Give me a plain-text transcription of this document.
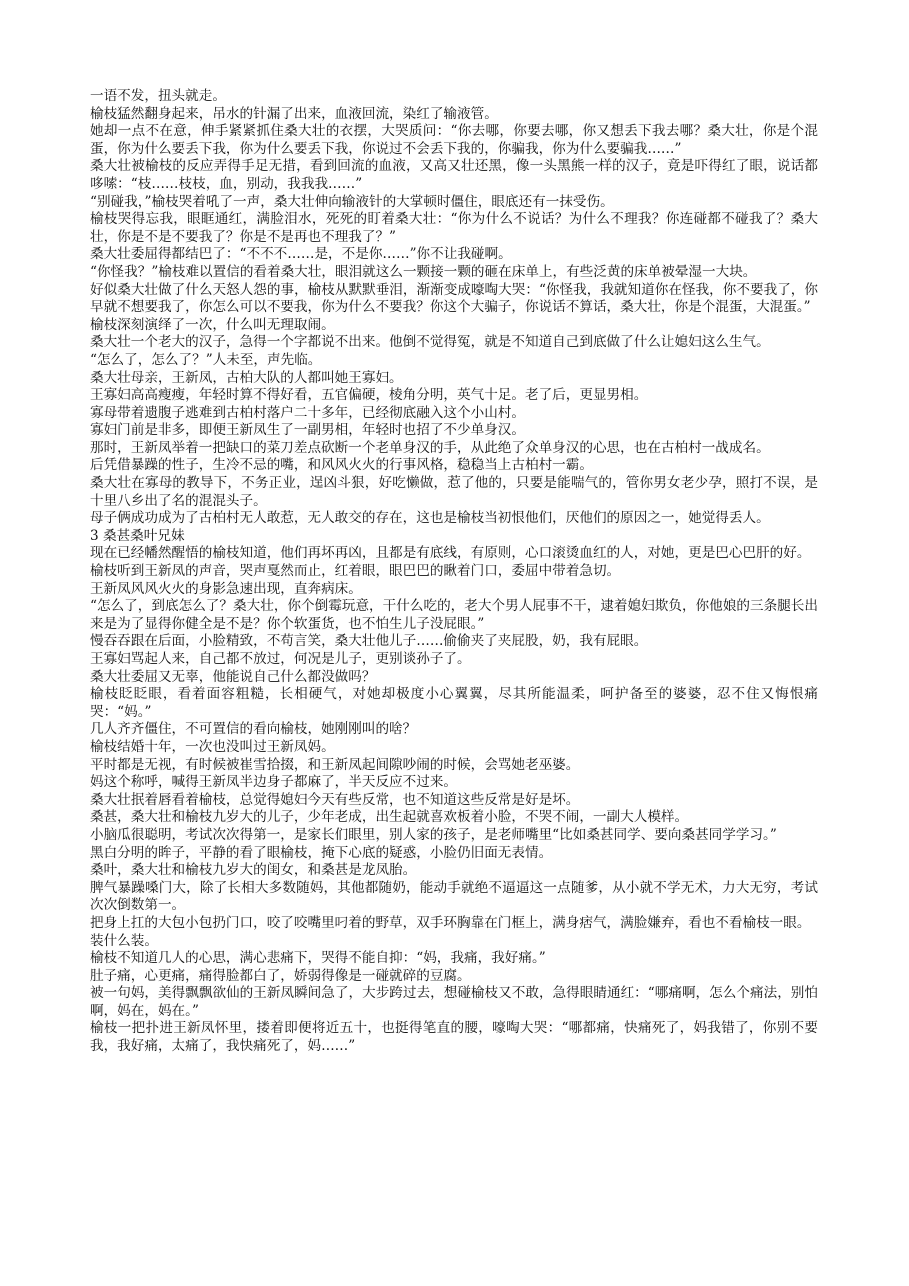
一语不发，扭头就走。

榆枝猛然翻身起来，吊水的针漏了出来，血液回流，染红了输液管。

她却一点不在意，伸手紧紧抓住桑大壮的衣摆，大哭质问：“你去哪，你要去哪，你又想丢下我去哪？桑大壮，你是个混蛋，你为什么要丢下我，你为什么要丢下我，你说过不会丢下我的，你骗我，你为什么要骗我……”

桑大壮被榆枝的反应弄得手足无措，看到回流的血液，又高又壮还黑，像一头黑熊一样的汉子，竟是吓得红了眼，说话都哆嗦：“枝……枝枝，血，别动，我我我……”

“别碰我，”榆枝哭着吼了一声，桑大壮伸向输液针的大掌顿时僵住，眼底还有一抹受伤。

榆枝哭得忘我，眼眶通红，满脸泪水，死死的盯着桑大壮：“你为什么不说话？为什么不理我？你连碰都不碰我了？桑大壮，你是不是不要我了？你是不是再也不理我了？”

桑大壮委屈得都结巴了：“不不不……是，不是你……”你不让我碰啊。

“你怪我？”榆枝难以置信的看着桑大壮，眼泪就这么一颗接一颗的砸在床单上，有些泛黄的床单被晕湿一大块。

好似桑大壮做了什么天怒人怨的事，榆枝从默默垂泪，渐渐变成嚎啕大哭：“你怪我，我就知道你在怪我，你不要我了，你早就不想要我了，你怎么可以不要我，你为什么不要我？你这个大骗子，你说话不算话，桑大壮，你是个混蛋，大混蛋。”

榆枝深刻演绎了一次，什么叫无理取闹。

桑大壮一个老大的汉子，急得一个字都说不出来。他倒不觉得冤，就是不知道自己到底做了什么让媳妇这么生气。

“怎么了，怎么了？”人未至，声先临。

桑大壮母亲，王新凤，古柏大队的人都叫她王寡妇。

王寡妇高高瘦瘦，年轻时算不得好看，五官偏硬，棱角分明，英气十足。老了后，更显男相。

寡母带着遗腹子逃难到古柏村落户二十多年，已经彻底融入这个小山村。

寡妇门前是非多，即便王新凤生了一副男相，年轻时也招了不少单身汉。

那时，王新凤举着一把缺口的菜刀差点砍断一个老单身汉的手，从此绝了众单身汉的心思，也在古柏村一战成名。

后凭借暴躁的性子，生冷不忌的嘴，和风风火火的行事风格，稳稳当上古柏村一霸。

桑大壮在寡母的教导下，不务正业，逞凶斗狠，好吃懒做，惹了他的，只要是能喘气的，管你男女老少孕，照打不误，是十里八乡出了名的混混头子。

母子俩成功成为了古柏村无人敢惹，无人敢交的存在，这也是榆枝当初恨他们，厌他们的原因之一，她觉得丢人。

3 桑甚桑叶兄妹

现在已经幡然醒悟的榆枝知道，他们再坏再凶，且都是有底线，有原则，心口滚烫血红的人，对她，更是巴心巴肝的好。

榆枝听到王新凤的声音，哭声戛然而止，红着眼，眼巴巴的瞅着门口，委屈中带着急切。

王新凤风风火火的身影急速出现，直奔病床。

“怎么了，到底怎么了？桑大壮，你个倒霉玩意，干什么吃的，老大个男人屁事不干，逮着媳妇欺负，你他娘的三条腿长出来是为了显得你健全是不是？你个软蛋货，也不怕生儿子没屁眼。”

慢吞吞跟在后面，小脸精致，不苟言笑，桑大壮他儿子……偷偷夹了夹屁股，奶，我有屁眼。

王寡妇骂起人来，自己都不放过，何况是儿子，更别谈孙子了。

桑大壮委屈又无辜，他能说自己什么都没做吗？

榆枝眨眨眼，看着面容粗糙，长相硬气，对她却极度小心翼翼，尽其所能温柔，呵护备至的婆婆，忍不住又悔恨痛哭：“妈。”

几人齐齐僵住，不可置信的看向榆枝，她刚刚叫的啥？

榆枝结婚十年，一次也没叫过王新凤妈。

平时都是无视，有时候被崔雪拾掇，和王新凤起间隙吵闹的时候，会骂她老巫婆。

妈这个称呼，喊得王新凤半边身子都麻了，半天反应不过来。

桑大壮抿着唇看着榆枝，总觉得媳妇今天有些反常，也不知道这些反常是好是坏。

桑甚，桑大壮和榆枝九岁大的儿子，少年老成，出生起就喜欢板着小脸，不哭不闹，一副大人模样。

小脑瓜很聪明，考试次次得第一，是家长们眼里，别人家的孩子，是老师嘴里“比如桑甚同学、要向桑甚同学学习。”

黑白分明的眸子，平静的看了眼榆枝，掩下心底的疑惑，小脸仍旧面无表情。

桑叶，桑大壮和榆枝九岁大的闺女，和桑甚是龙凤胎。

脾气暴躁嗓门大，除了长相大多数随妈，其他都随奶，能动手就绝不逼逼这一点随爹，从小就不学无术，力大无穷，考试次次倒数第一。

把身上扛的大包小包扔门口，咬了咬嘴里叼着的野草，双手环胸靠在门框上，满身痞气，满脸嫌弃，看也不看榆枝一眼。

装什么装。

榆枝不知道几人的心思，满心悲痛下，哭得不能自抑：“妈，我痛，我好痛。”

肚子痛，心更痛，痛得脸都白了，娇弱得像是一碰就碎的豆腐。

被一句妈，美得飘飘欲仙的王新凤瞬间急了，大步跨过去，想碰榆枝又不敢，急得眼睛通红：“哪痛啊，怎么个痛法，别怕啊，妈在，妈在。”

榆枝一把扑进王新凤怀里，搂着即便将近五十，也挺得笔直的腰，嚎啕大哭：“哪都痛，快痛死了，妈我错了，你别不要我，我好痛，太痛了，我快痛死了，妈……”
